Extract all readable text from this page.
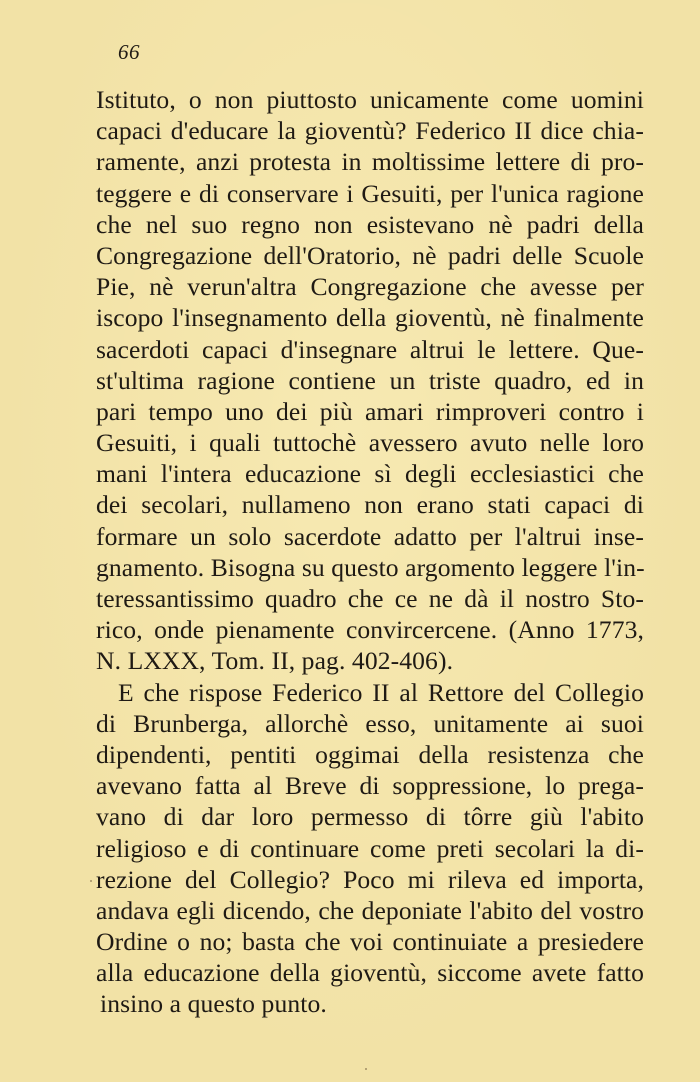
66
Istituto, o non piuttosto unicamente come uomini
capaci d'educare la gioventù? Federico II dice chia-
ramente, anzi protesta in moltissime lettere di pro-
teggere e di conservare i Gesuiti, per l'unica ragione
che nel suo regno non esistevano nè padri della
Congregazione dell'Oratorio, nè padri delle Scuole
Pie, nè verun'altra Congregazione che avesse per
iscopo l'insegnamento della gioventù, nè finalmente
sacerdoti capaci d'insegnare altrui le lettere. Que-
st'ultima ragione contiene un triste quadro, ed in
pari tempo uno dei più amari rimproveri contro i
Gesuiti, i quali tuttochè avessero avuto nelle loro
mani l'intera educazione sì degli ecclesiastici che
dei secolari, nullameno non erano stati capaci di
formare un solo sacerdote adatto per l'altrui inse-
gnamento. Bisogna su questo argomento leggere l'in-
teressantissimo quadro che ce ne dà il nostro Sto-
rico, onde pienamente convircercene. (Anno 1773,
N. LXXX, Tom. II, pag. 402-406).
E che rispose Federico II al Rettore del Collegio
di Brunberga, allorchè esso, unitamente ai suoi
dipendenti, pentiti oggimai della resistenza che
avevano fatta al Breve di soppressione, lo pregа-
vano di dar loro permesso di tôrre giù l'abito
religioso e di continuare come preti secolari la di-
rezione del Collegio? Poco mi rileva ed importa,
andava egli dicendo, che deponiate l'abito del vostro
Ordine o no; basta che voi continuiate a presiedere
alla educazione della gioventù, siccome avete fatto
insino a questo punto.
